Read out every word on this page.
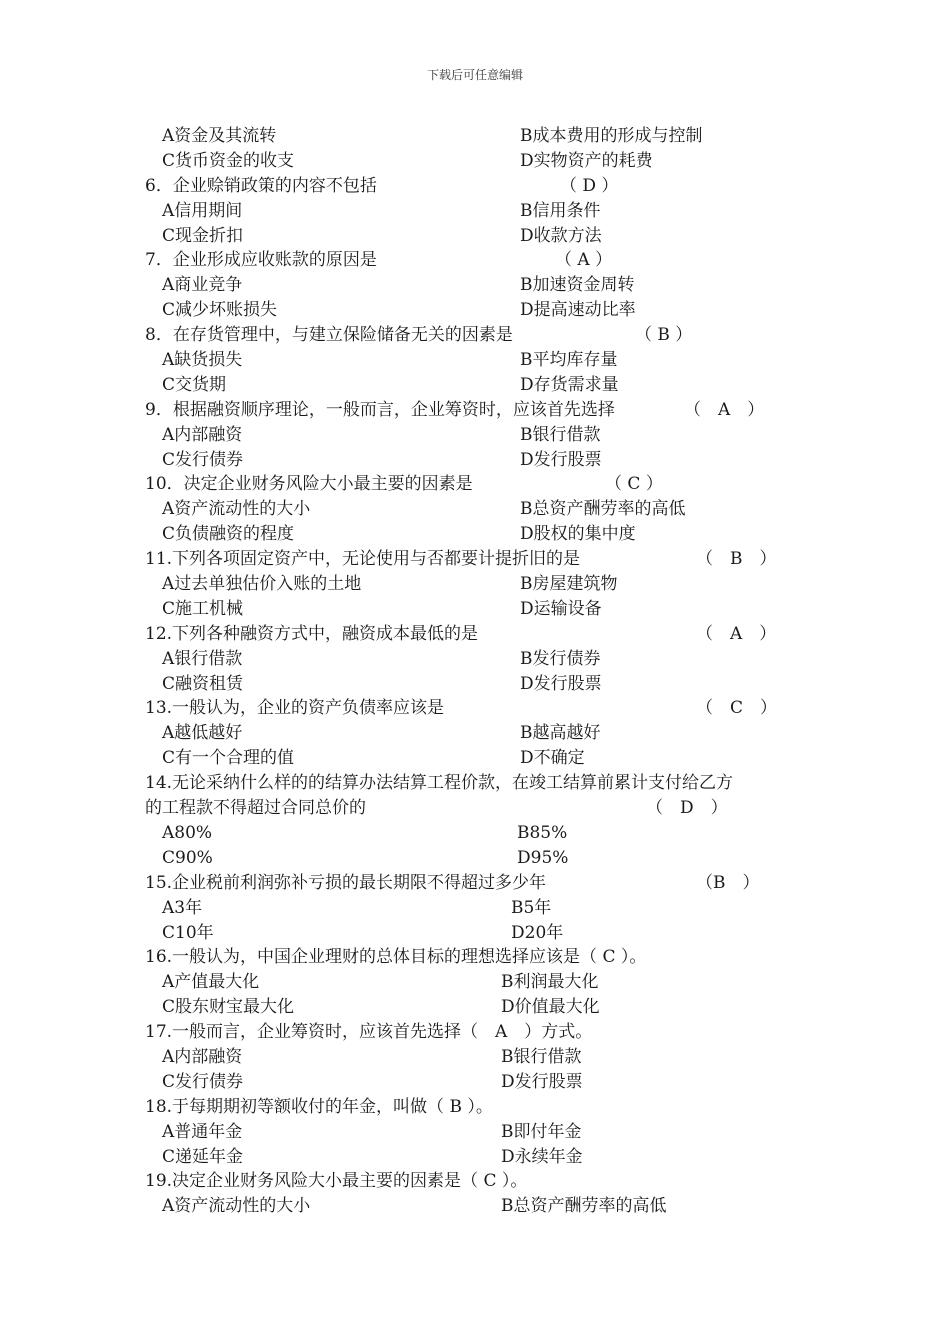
下载后可任意编辑
A资金及其流转	B成本费用的形成与控制
C货币资金的收支	D实物资产的耗费
6．企业赊销政策的内容不包括	（ D ）
A信用期间	B信用条件
C现金折扣	D收款方法
7．企业形成应收账款的原因是	（ A ）
A商业竞争	B加速资金周转
C减少坏账损失	D提高速动比率
8．在存货管理中，与建立保险储备无关的因素是	（ B ）
A缺货损失	B平均库存量
C交货期	D存货需求量
9．根据融资顺序理论，一般而言，企业筹资时，应该首先选择	（　A　）
A内部融资	B银行借款
C发行债券	D发行股票
10．决定企业财务风险大小最主要的因素是	（ C ）
A资产流动性的大小	B总资产酬劳率的高低
C负债融资的程度	D股权的集中度
11.下列各项固定资产中，无论使用与否都要计提折旧的是	（　B　）
A过去单独估价入账的土地	B房屋建筑物
C施工机械	D运输设备
12.下列各种融资方式中，融资成本最低的是	（　A　）
A银行借款	B发行债券
C融资租赁	D发行股票
13.一般认为，企业的资产负债率应该是	（　C　）
A越低越好	B越高越好
C有一个合理的值	D不确定
14.无论采纳什么样的的结算办法结算工程价款，在竣工结算前累计支付给乙方
的工程款不得超过合同总价的	（　D　）
A80%	B85%
C90%	D95%
15.企业税前利润弥补亏损的最长期限不得超过多少年	（B　）
A3年	B5年
C10年	D20年
16.一般认为，中国企业理财的总体目标的理想选择应该是（ C ）。
A产值最大化	B利润最大化
C股东财宝最大化	D价值最大化
17.一般而言，企业筹资时，应该首先选择（　A　）方式。
A内部融资	B银行借款
C发行债券	D发行股票
18.于每期期初等额收付的年金，叫做（ B ）。
A普通年金	B即付年金
C递延年金	D永续年金
19.决定企业财务风险大小最主要的因素是（ C ）。
A资产流动性的大小	B总资产酬劳率的高低
